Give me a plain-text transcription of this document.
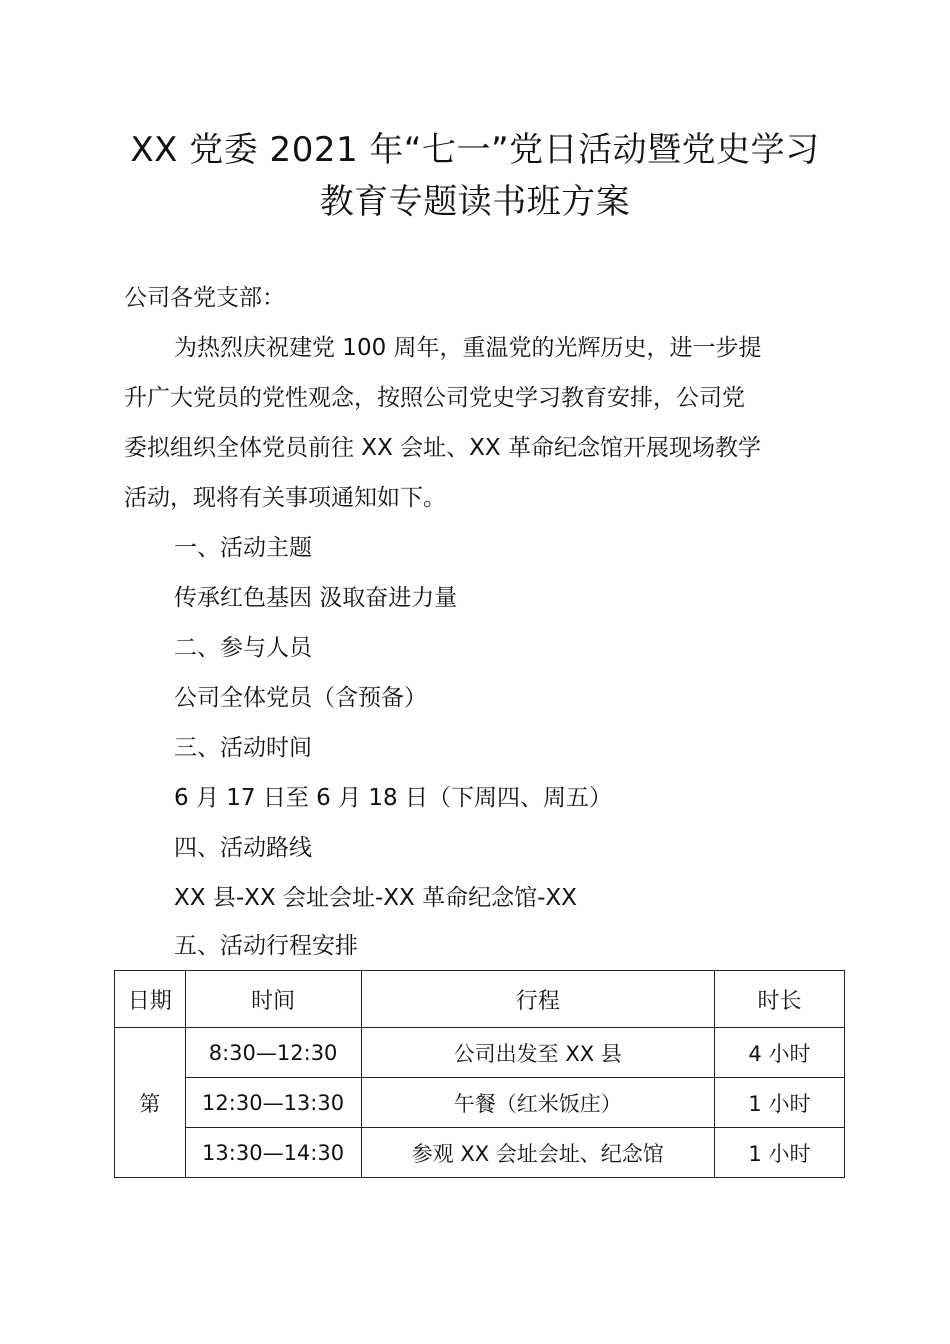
XX 党委 2021 年“七一”党日活动暨党史学习
教育专题读书班方案
公司各党支部：
为热烈庆祝建党 100 周年，重温党的光辉历史，进一步提
升广大党员的党性观念，按照公司党史学习教育安排，公司党
委拟组织全体党员前往 XX 会址、XX 革命纪念馆开展现场教学
活动，现将有关事项通知如下。
一、活动主题
传承红色基因 汲取奋进力量
二、参与人员
公司全体党员（含预备）
三、活动时间
6 月 17 日至 6 月 18 日（下周四、周五）
四、活动路线
XX 县-XX 会址会址-XX 革命纪念馆-XX
五、活动行程安排
日期	时间	行程	时长
第	8:30—12:30	公司出发至 XX 县	4 小时
	12:30—13:30	午餐（红米饭庄）	1 小时
	13:30—14:30	参观 XX 会址会址、纪念馆	1 小时
